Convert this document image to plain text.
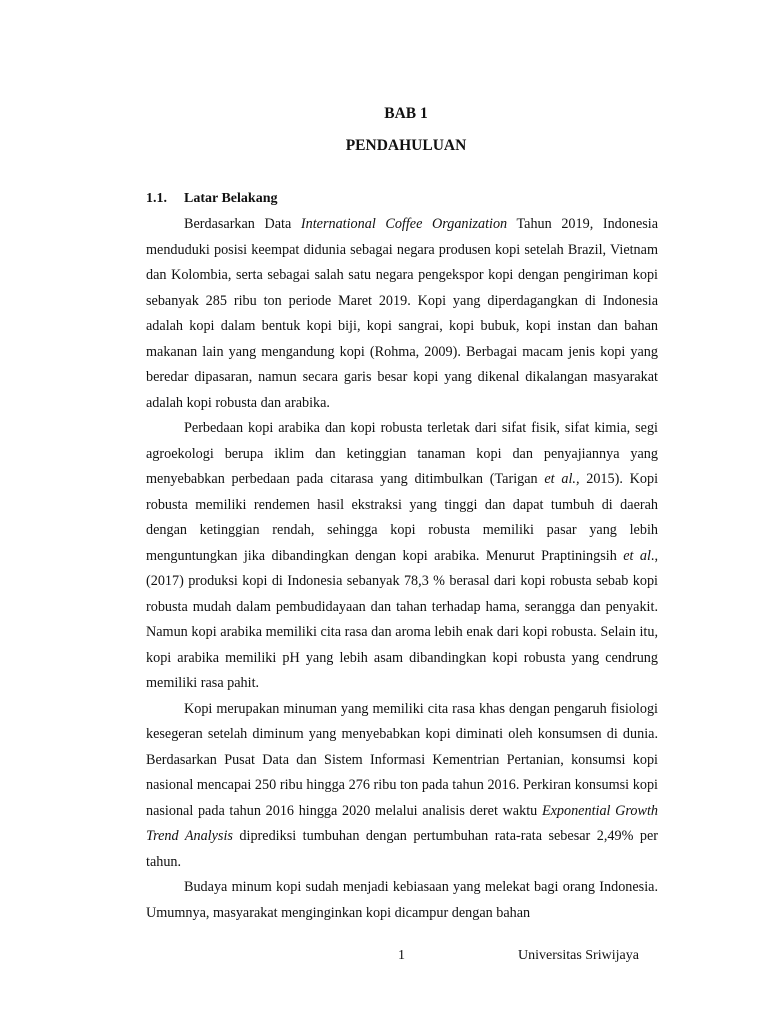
BAB 1
PENDAHULUAN
1.1. Latar Belakang

Berdasarkan Data International Coffee Organization Tahun 2019, Indonesia menduduki posisi keempat didunia sebagai negara produsen kopi setelah Brazil, Vietnam dan Kolombia, serta sebagai salah satu negara pengekspor kopi dengan pengiriman kopi sebanyak 285 ribu ton periode Maret 2019. Kopi yang diperdagangkan di Indonesia adalah kopi dalam bentuk kopi biji, kopi sangrai, kopi bubuk, kopi instan dan bahan makanan lain yang mengandung kopi (Rohma, 2009). Berbagai macam jenis kopi yang beredar dipasaran, namun secara garis besar kopi yang dikenal dikalangan masyarakat adalah kopi robusta dan arabika.

Perbedaan kopi arabika dan kopi robusta terletak dari sifat fisik, sifat kimia, segi agroekologi berupa iklim dan ketinggian tanaman kopi dan penyajiannya yang menyebabkan perbedaan pada citarasa yang ditimbulkan (Tarigan et al., 2015). Kopi robusta memiliki rendemen hasil ekstraksi yang tinggi dan dapat tumbuh di daerah dengan ketinggian rendah, sehingga kopi robusta memiliki pasar yang lebih menguntungkan jika dibandingkan dengan kopi arabika. Menurut Praptiningsih et al., (2017) produksi kopi di Indonesia sebanyak 78,3 % berasal dari kopi robusta sebab kopi robusta mudah dalam pembudidayaan dan tahan terhadap hama, serangga dan penyakit. Namun kopi arabika memiliki cita rasa dan aroma lebih enak dari kopi robusta. Selain itu, kopi arabika memiliki pH yang lebih asam dibandingkan kopi robusta yang cendrung memiliki rasa pahit.

Kopi merupakan minuman yang memiliki cita rasa khas dengan pengaruh fisiologi kesegeran setelah diminum yang menyebabkan kopi diminati oleh konsumsen di dunia. Berdasarkan Pusat Data dan Sistem Informasi Kementrian Pertanian, konsumsi kopi nasional mencapai 250 ribu hingga 276 ribu ton pada tahun 2016. Perkiran konsumsi kopi nasional pada tahun 2016 hingga 2020 melalui analisis deret waktu Exponential Growth Trend Analysis diprediksi tumbuhan dengan pertumbuhan rata-rata sebesar 2,49% per tahun.

Budaya minum kopi sudah menjadi kebiasaan yang melekat bagi orang Indonesia. Umumnya, masyarakat menginginkan kopi dicampur dengan bahan

1	Universitas Sriwijaya
